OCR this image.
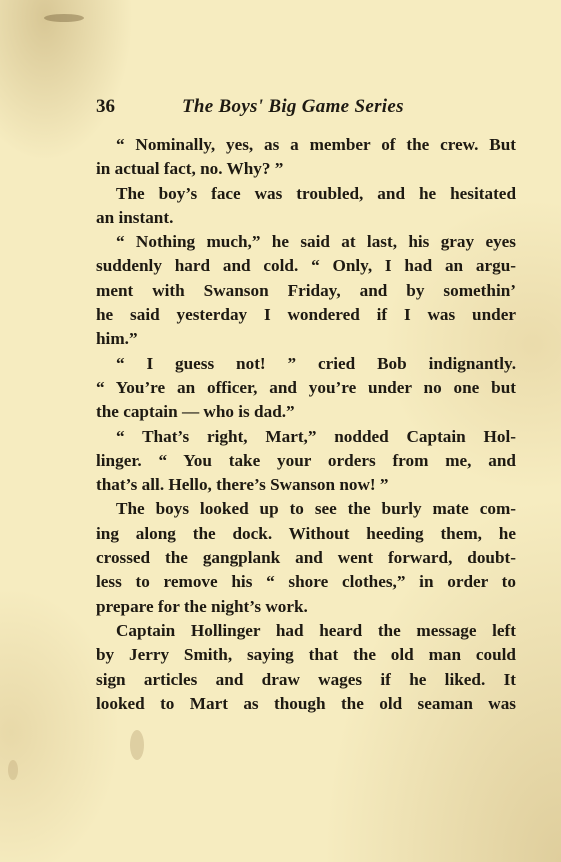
36	The Boys' Big Game Series
“ Nominally, yes, as a member of the crew. But
in actual fact, no. Why? ”
The boy’s face was troubled, and he hesitated
an instant.
“ Nothing much,” he said at last, his gray eyes
suddenly hard and cold. “ Only, I had an argu-
ment with Swanson Friday, and by somethin’
he said yesterday I wondered if I was under
him.”
“ I guess not! ” cried Bob indignantly.
“ You’re an officer, and you’re under no one but
the captain — who is dad.”
“ That’s right, Mart,” nodded Captain Hol-
linger. “ You take your orders from me, and
that’s all. Hello, there’s Swanson now! ”
The boys looked up to see the burly mate com-
ing along the dock. Without heeding them, he
crossed the gangplank and went forward, doubt-
less to remove his “ shore clothes,” in order to
prepare for the night’s work.
Captain Hollinger had heard the message left
by Jerry Smith, saying that the old man could
sign articles and draw wages if he liked. It
looked to Mart as though the old seaman was
